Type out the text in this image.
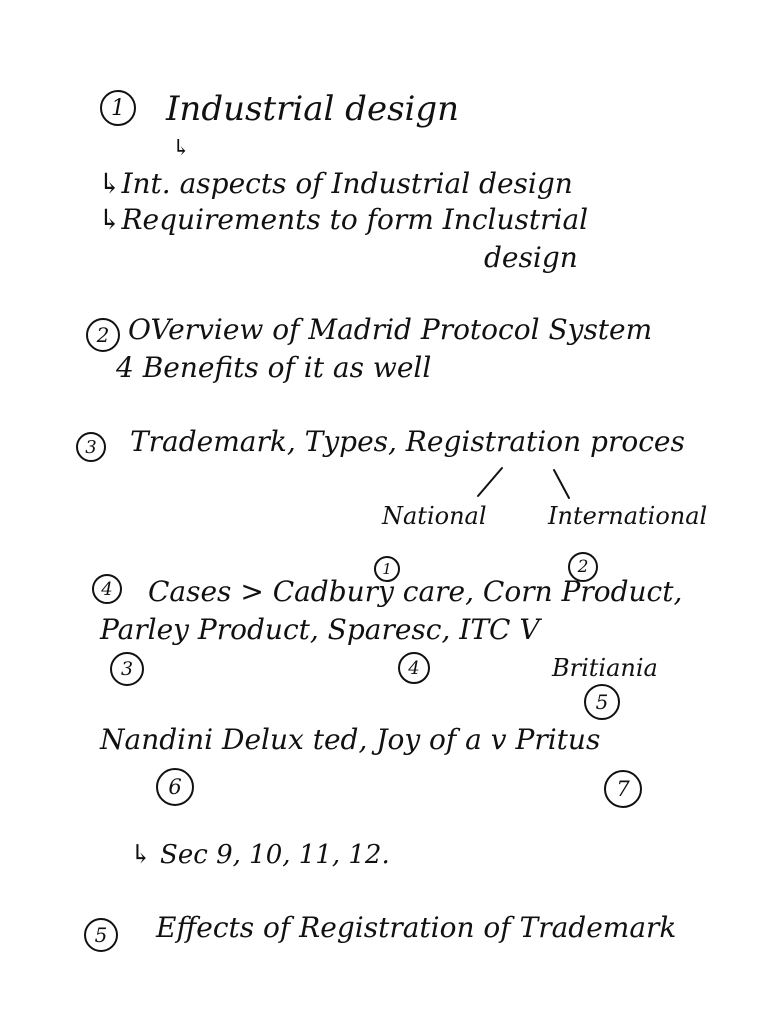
1	Industrial design
↳
↳Int. aspects of Industrial design
↳Requirements to form Inclustrial
design
2 OVerview of Madrid Protocol System
4 Benefits of it as well
3	Trademark, Types, Registration proces
National	International
4
1	2
Cases > Cadbury care, Corn Product,
Parley Product, Sparesc, ITC V
Britiania
3	4
5
Nandini Delux ted, Joy of a v Pritus
6	7
↳ Sec 9, 10, 11, 12.
5	Effects of Registration of Trademark
